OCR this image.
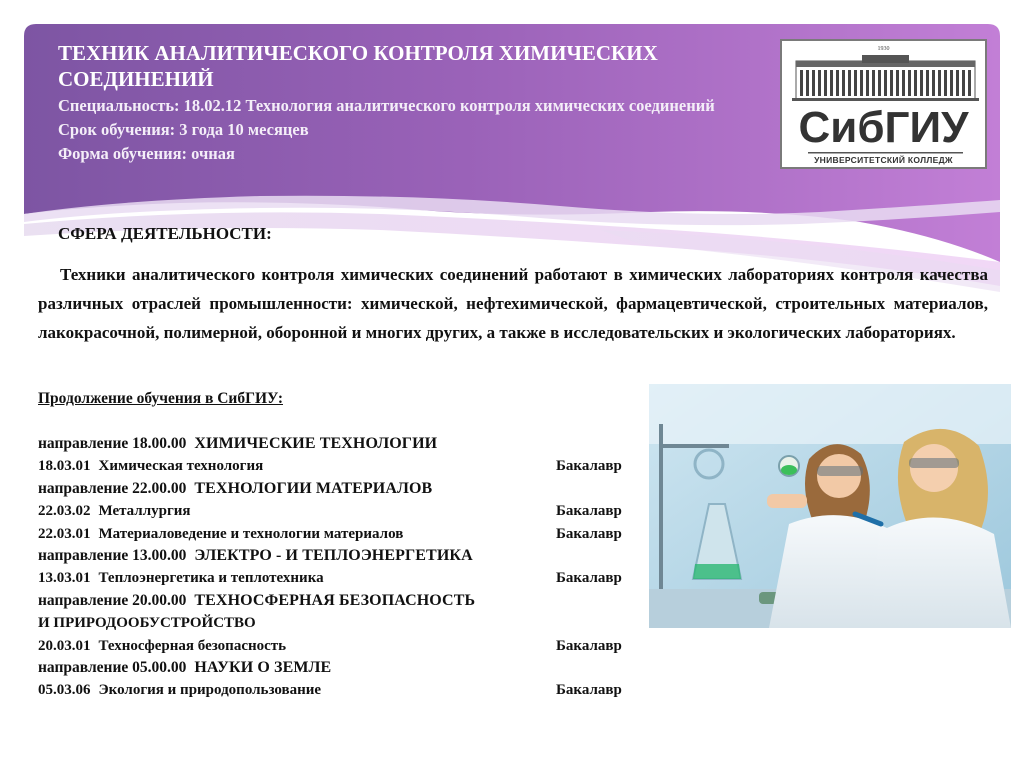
ТЕХНИК АНАЛИТИЧЕСКОГО КОНТРОЛЯ ХИМИЧЕСКИХ СОЕДИНЕНИЙ
Специальность: 18.02.12 Технология аналитического контроля химических соединений
Срок обучения: 3 года 10 месяцев
Форма обучения: очная
1930
СибГИУ
УНИВЕРСИТЕТСКИЙ КОЛЛЕДЖ
СФЕРА ДЕЯТЕЛЬНОСТИ:
Техники аналитического контроля химических соединений работают в химических лабораториях контроля качества различных отраслей промышленности: химической, нефтехимической, фармацевтической, строительных материалов, лакокрасочной, полимерной, оборонной и многих других, а также в исследовательских и экологических лабораториях.
Продолжение обучения в СибГИУ:
направление 18.00.00 ХИМИЧЕСКИЕ ТЕХНОЛОГИИ
18.03.01 Химическая технология	Бакалавр
направление 22.00.00 ТЕХНОЛОГИИ МАТЕРИАЛОВ
22.03.02 Металлургия	Бакалавр
22.03.01 Материаловедение и технологии материалов	Бакалавр
направление 13.00.00 ЭЛЕКТРО - И ТЕПЛОЭНЕРГЕТИКА
13.03.01 Теплоэнергетика и теплотехника	Бакалавр
направление 20.00.00 ТЕХНОСФЕРНАЯ БЕЗОПАСНОСТЬ
И ПРИРОДООБУСТРОЙСТВО
20.03.01 Техносферная безопасность	Бакалавр
направление 05.00.00 НАУКИ О ЗЕМЛЕ
05.03.06 Экология и природопользование	Бакалавр
